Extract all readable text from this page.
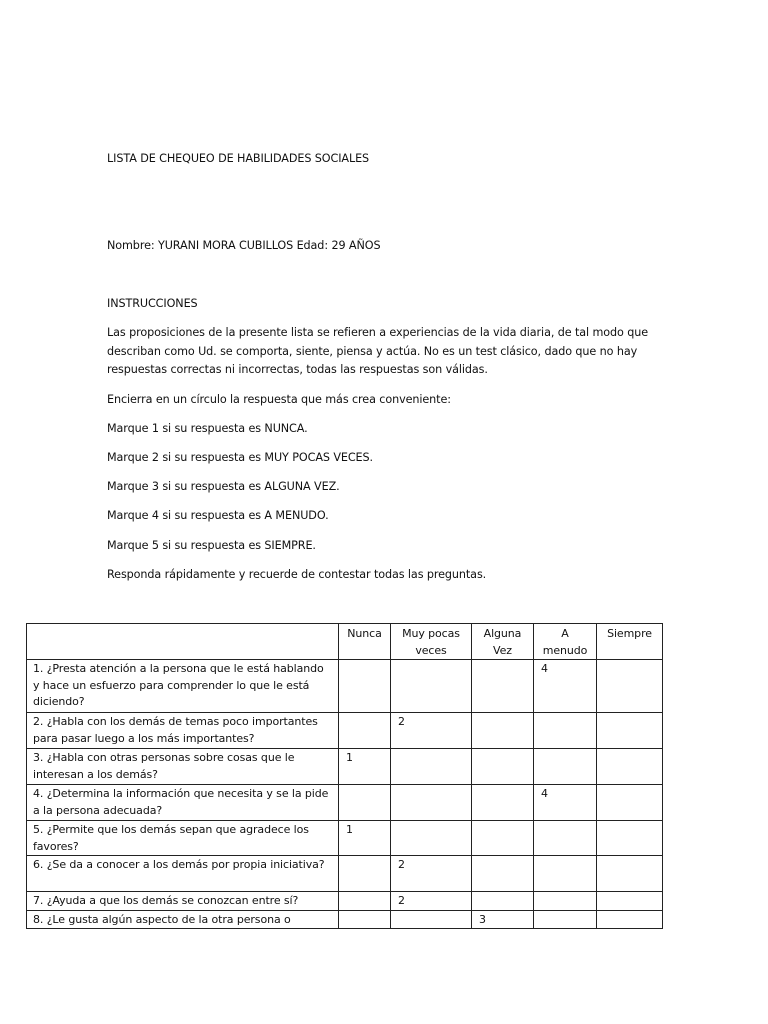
LISTA DE CHEQUEO DE HABILIDADES SOCIALES
Nombre: YURANI MORA CUBILLOS Edad: 29 AÑOS
INSTRUCCIONES
Las proposiciones de la presente lista se refieren a experiencias de la vida diaria, de tal modo que describan como Ud. se comporta, siente, piensa y actúa. No es un test clásico, dado que no hay respuestas correctas ni incorrectas, todas las respuestas son válidas.
Encierra en un círculo la respuesta que más crea conveniente:
Marque 1 si su respuesta es NUNCA.
Marque 2 si su respuesta es MUY POCAS VECES.
Marque 3 si su respuesta es ALGUNA VEZ.
Marque 4 si su respuesta es A MENUDO.
Marque 5 si su respuesta es SIEMPRE.
Responda rápidamente y recuerde de contestar todas las preguntas.
	Nunca	Muy pocas veces	Alguna Vez	A menudo	Siempre
1. ¿Presta atención a la persona que le está hablando y hace un esfuerzo para comprender lo que le está diciendo?				4	
2. ¿Habla con los demás de temas poco importantes para pasar luego a los más importantes?		2			
3. ¿Habla con otras personas sobre cosas que le interesan a los demás?	1				
4. ¿Determina la información que necesita y se la pide a la persona adecuada?				4	
5. ¿Permite que los demás sepan que agradece los favores?	1				
6. ¿Se da a conocer a los demás por propia iniciativa?		2			
7. ¿Ayuda a que los demás se conozcan entre sí?		2			
8. ¿Le gusta algún aspecto de la otra persona o			3		
